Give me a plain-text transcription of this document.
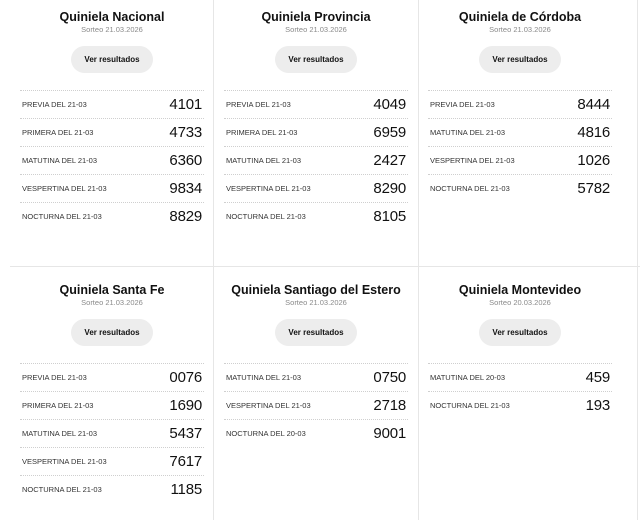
Quiniela Nacional
Sorteo 21.03.2026
Ver resultados
PREVIA DEL 21-03	4101
PRIMERA DEL 21-03	4733
MATUTINA DEL 21-03	6360
VESPERTINA DEL 21-03	9834
NOCTURNA DEL 21-03	8829
Quiniela Provincia
Sorteo 21.03.2026
Ver resultados
PREVIA DEL 21-03	4049
PRIMERA DEL 21-03	6959
MATUTINA DEL 21-03	2427
VESPERTINA DEL 21-03	8290
NOCTURNA DEL 21-03	8105
Quiniela de Córdoba
Sorteo 21.03.2026
Ver resultados
PREVIA DEL 21-03	8444
MATUTINA DEL 21-03	4816
VESPERTINA DEL 21-03	1026
NOCTURNA DEL 21-03	5782
Quiniela Santa Fe
Sorteo 21.03.2026
Ver resultados
PREVIA DEL 21-03	0076
PRIMERA DEL 21-03	1690
MATUTINA DEL 21-03	5437
VESPERTINA DEL 21-03	7617
NOCTURNA DEL 21-03	1185
Quiniela Santiago del Estero
Sorteo 21.03.2026
Ver resultados
MATUTINA DEL 21-03	0750
VESPERTINA DEL 21-03	2718
NOCTURNA DEL 20-03	9001
Quiniela Montevideo
Sorteo 20.03.2026
Ver resultados
MATUTINA DEL 20-03	459
NOCTURNA DEL 21-03	193
